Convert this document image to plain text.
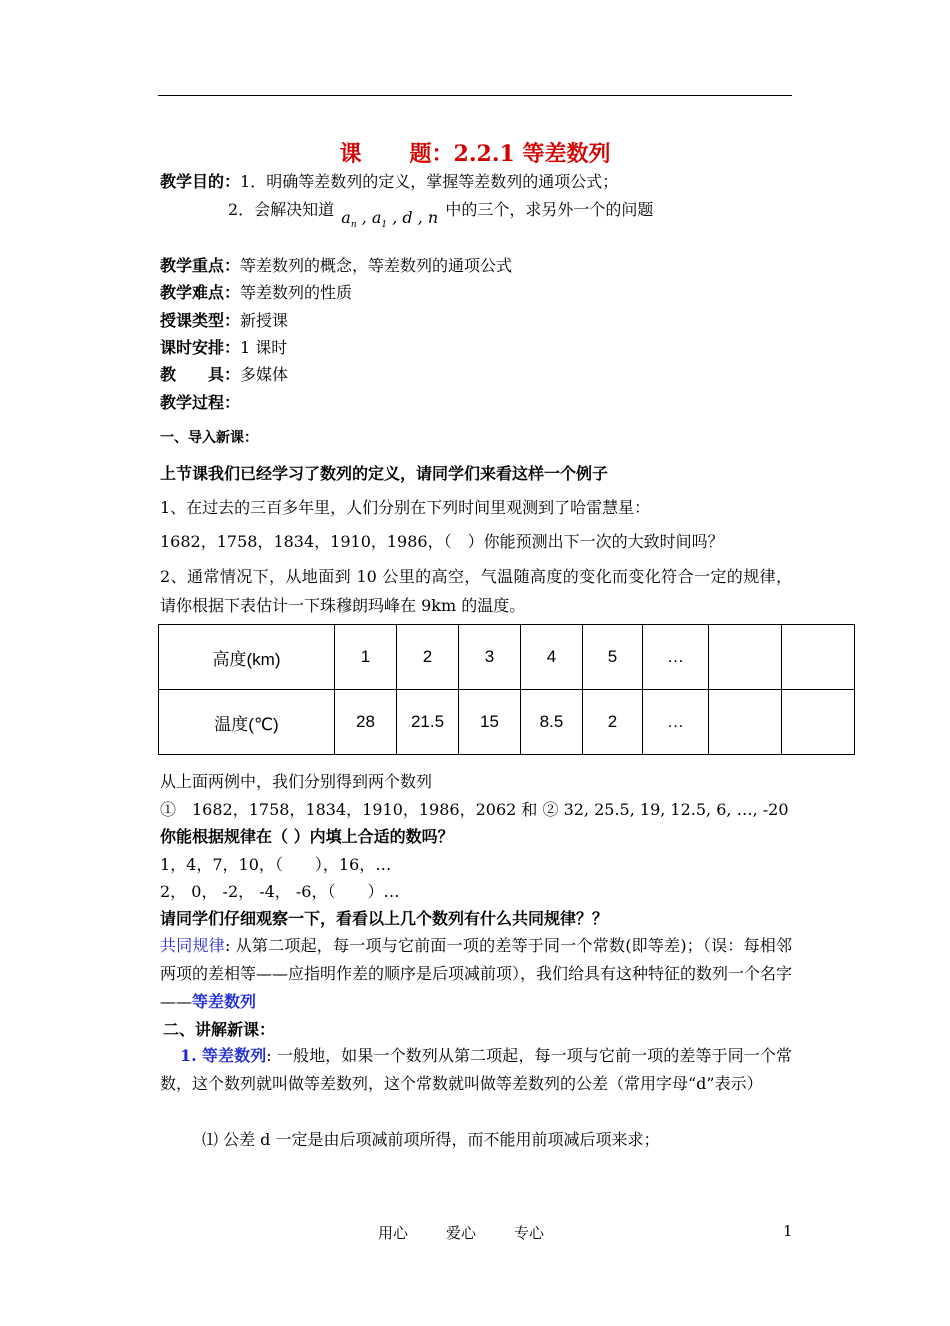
课 题：2.2.1 等差数列
教学目的：1．明确等差数列的定义，掌握等差数列的通项公式；
2．会解决知道 $a_n$ , $a_1$ , d , n 中的三个，求另外一个的问题
教学重点：等差数列的概念，等差数列的通项公式
教学难点：等差数列的性质
授课类型：新授课
课时安排：1 课时
教　　具：多媒体
教学过程：
一、导入新课：
上节课我们已经学习了数列的定义，请同学们来看这样一个例子
1、在过去的三百多年里，人们分别在下列时间里观测到了哈雷慧星：
1682，1758，1834，1910，1986，（　）你能预测出下一次的大致时间吗？
2、通常情况下，从地面到 10 公里的高空，气温随高度的变化而变化符合一定的规律，请你根据下表估计一下珠穆朗玛峰在 9km 的温度。
高度(km)	1	2	3	4	5	…		
温度(℃)	28	21.5	15	8.5	2	…		
从上面两例中，我们分别得到两个数列
①　1682，1758，1834，1910，1986，2062 和 ② 32, 25.5, 19, 12.5, 6, …, -20
你能根据规律在（ ）内填上合适的数吗？
1，4，7，10，（　　），16，…
2， 0， -2， -4， -6，（　　）…
请同学们仔细观察一下，看看以上几个数列有什么共同规律？？
共同规律: 从第二项起，每一项与它前面一项的差等于同一个常数(即等差)；（误：每相邻两项的差相等——应指明作差的顺序是后项减前项），我们给具有这种特征的数列一个名字——等差数列
二、讲解新课：
1. 等差数列: 一般地，如果一个数列从第二项起，每一项与它前一项的差等于同一个常数，这个数列就叫做等差数列，这个常数就叫做等差数列的公差（常用字母“d”表示）
⑴ 公差 d 一定是由后项减前项所得，而不能用前项减后项来求；
用心	爱心	专心	1
